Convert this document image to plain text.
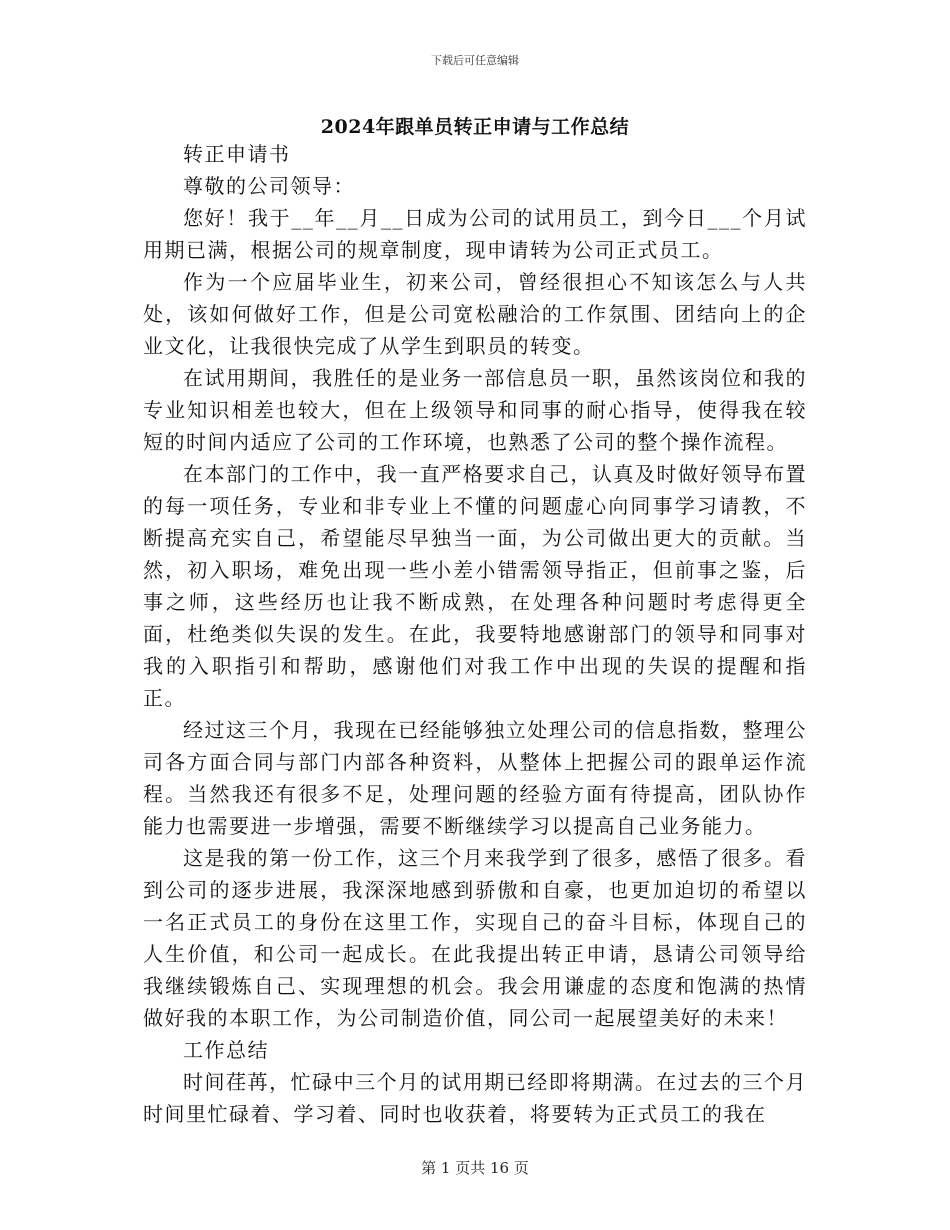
下载后可任意编辑
2024年跟单员转正申请与工作总结

转正申请书

尊敬的公司领导：

您好！我于__年__月__日成为公司的试用员工，到今日___个月试用期已满，根据公司的规章制度，现申请转为公司正式员工。

作为一个应届毕业生，初来公司，曾经很担心不知该怎么与人共处，该如何做好工作，但是公司宽松融洽的工作氛围、团结向上的企业文化，让我很快完成了从学生到职员的转变。

在试用期间，我胜任的是业务一部信息员一职，虽然该岗位和我的专业知识相差也较大，但在上级领导和同事的耐心指导，使得我在较短的时间内适应了公司的工作环境，也熟悉了公司的整个操作流程。

在本部门的工作中，我一直严格要求自己，认真及时做好领导布置的每一项任务，专业和非专业上不懂的问题虚心向同事学习请教，不断提高充实自己，希望能尽早独当一面，为公司做出更大的贡献。当然，初入职场，难免出现一些小差小错需领导指正，但前事之鉴，后事之师，这些经历也让我不断成熟，在处理各种问题时考虑得更全面，杜绝类似失误的发生。在此，我要特地感谢部门的领导和同事对我的入职指引和帮助，感谢他们对我工作中出现的失误的提醒和指正。

经过这三个月，我现在已经能够独立处理公司的信息指数，整理公司各方面合同与部门内部各种资料，从整体上把握公司的跟单运作流程。当然我还有很多不足，处理问题的经验方面有待提高，团队协作能力也需要进一步增强，需要不断继续学习以提高自己业务能力。

这是我的第一份工作，这三个月来我学到了很多，感悟了很多。看到公司的逐步进展，我深深地感到骄傲和自豪，也更加迫切的希望以一名正式员工的身份在这里工作，实现自己的奋斗目标，体现自己的人生价值，和公司一起成长。在此我提出转正申请，恳请公司领导给我继续锻炼自己、实现理想的机会。我会用谦虚的态度和饱满的热情做好我的本职工作，为公司制造价值，同公司一起展望美好的未来！

工作总结

时间荏苒，忙碌中三个月的试用期已经即将期满。在过去的三个月时间里忙碌着、学习着、同时也收获着，将要转为正式员工的我在

第 1 页共 16 页
